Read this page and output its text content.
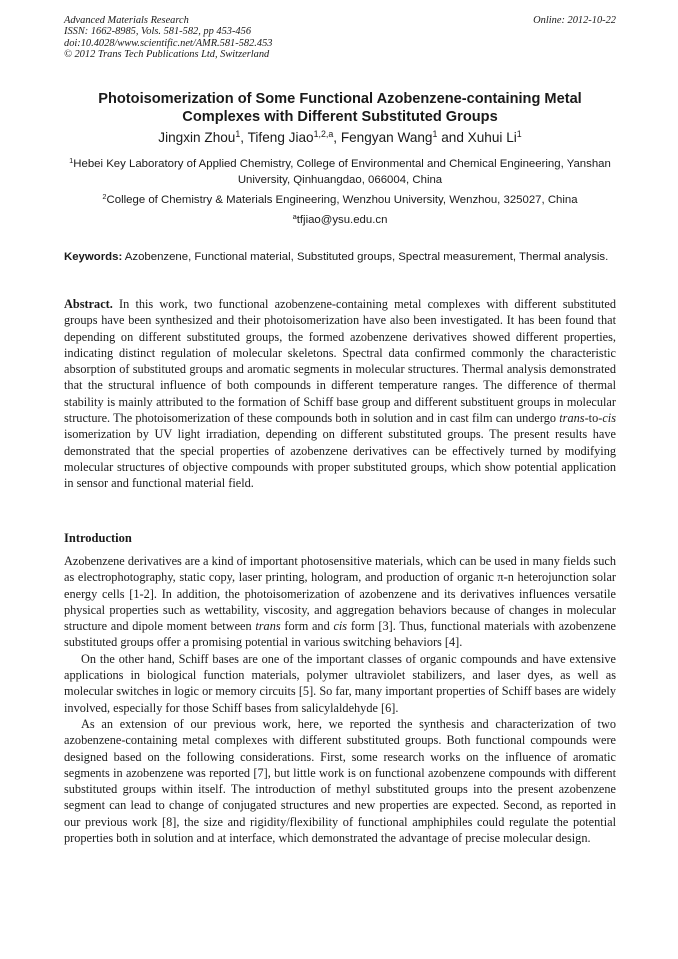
Advanced Materials Research
ISSN: 1662-8985, Vols. 581-582, pp 453-456
doi:10.4028/www.scientific.net/AMR.581-582.453
© 2012 Trans Tech Publications Ltd, Switzerland
Online: 2012-10-22
Photoisomerization of Some Functional Azobenzene-containing Metal Complexes with Different Substituted Groups
Jingxin Zhou$^1$, Tifeng Jiao$^{1,2,a}$, Fengyan Wang$^1$ and Xuhui Li$^1$
$^1$Hebei Key Laboratory of Applied Chemistry, College of Environmental and Chemical Engineering, Yanshan University, Qinhuangdao, 066004, China
$^2$College of Chemistry & Materials Engineering, Wenzhou University, Wenzhou, 325027, China
$^a$tfjiao@ysu.edu.cn
Keywords: Azobenzene, Functional material, Substituted groups, Spectral measurement, Thermal analysis.
Abstract. In this work, two functional azobenzene-containing metal complexes with different substituted groups have been synthesized and their photoisomerization have also been investigated. It has been found that depending on different substituted groups, the formed azobenzene derivatives showed different properties, indicating distinct regulation of molecular skeletons. Spectral data confirmed commonly the characteristic absorption of substituted groups and aromatic segments in molecular structures. Thermal analysis demonstrated that the structural influence of both compounds in different temperature ranges. The difference of thermal stability is mainly attributed to the formation of Schiff base group and different substituent groups in molecular structure. The photoisomerization of these compounds both in solution and in cast film can undergo trans-to-cis isomerization by UV light irradiation, depending on different substituted groups. The present results have demonstrated that the special properties of azobenzene derivatives can be effectively turned by modifying molecular structures of objective compounds with proper substituted groups, which show potential application in sensor and functional material field.
Introduction

Azobenzene derivatives are a kind of important photosensitive materials, which can be used in many fields such as electrophotography, static copy, laser printing, hologram, and production of organic π-n heterojunction solar energy cells [1-2]. In addition, the photoisomerization of azobenzene and its derivatives influences versatile physical properties such as wettability, viscosity, and aggregation behaviors because of changes in molecular structure and dipole moment between trans form and cis form [3]. Thus, functional materials with azobenzene substituted groups offer a promising potential in various switching behaviors [4].

On the other hand, Schiff bases are one of the important classes of organic compounds and have extensive applications in biological function materials, polymer ultraviolet stabilizers, and laser dyes, as well as molecular switches in logic or memory circuits [5]. So far, many important properties of Schiff bases are widely involved, especially for those Schiff bases from salicylaldehyde [6].

As an extension of our previous work, here, we reported the synthesis and characterization of two azobenzene-containing metal complexes with different substituted groups. Both functional compounds were designed based on the following considerations. First, some research works on the influence of aromatic segments in azobenzene was reported [7], but little work is on functional azobenzene compounds with different substituted groups within itself. The introduction of methyl substituted groups into the present azobenzene segment can lead to change of conjugated structures and new properties are expected. Second, as reported in our previous work [8], the size and rigidity/flexibility of functional amphiphiles could regulate the potential properties both in solution and at interface, which demonstrated the advantage of precise molecular design.
